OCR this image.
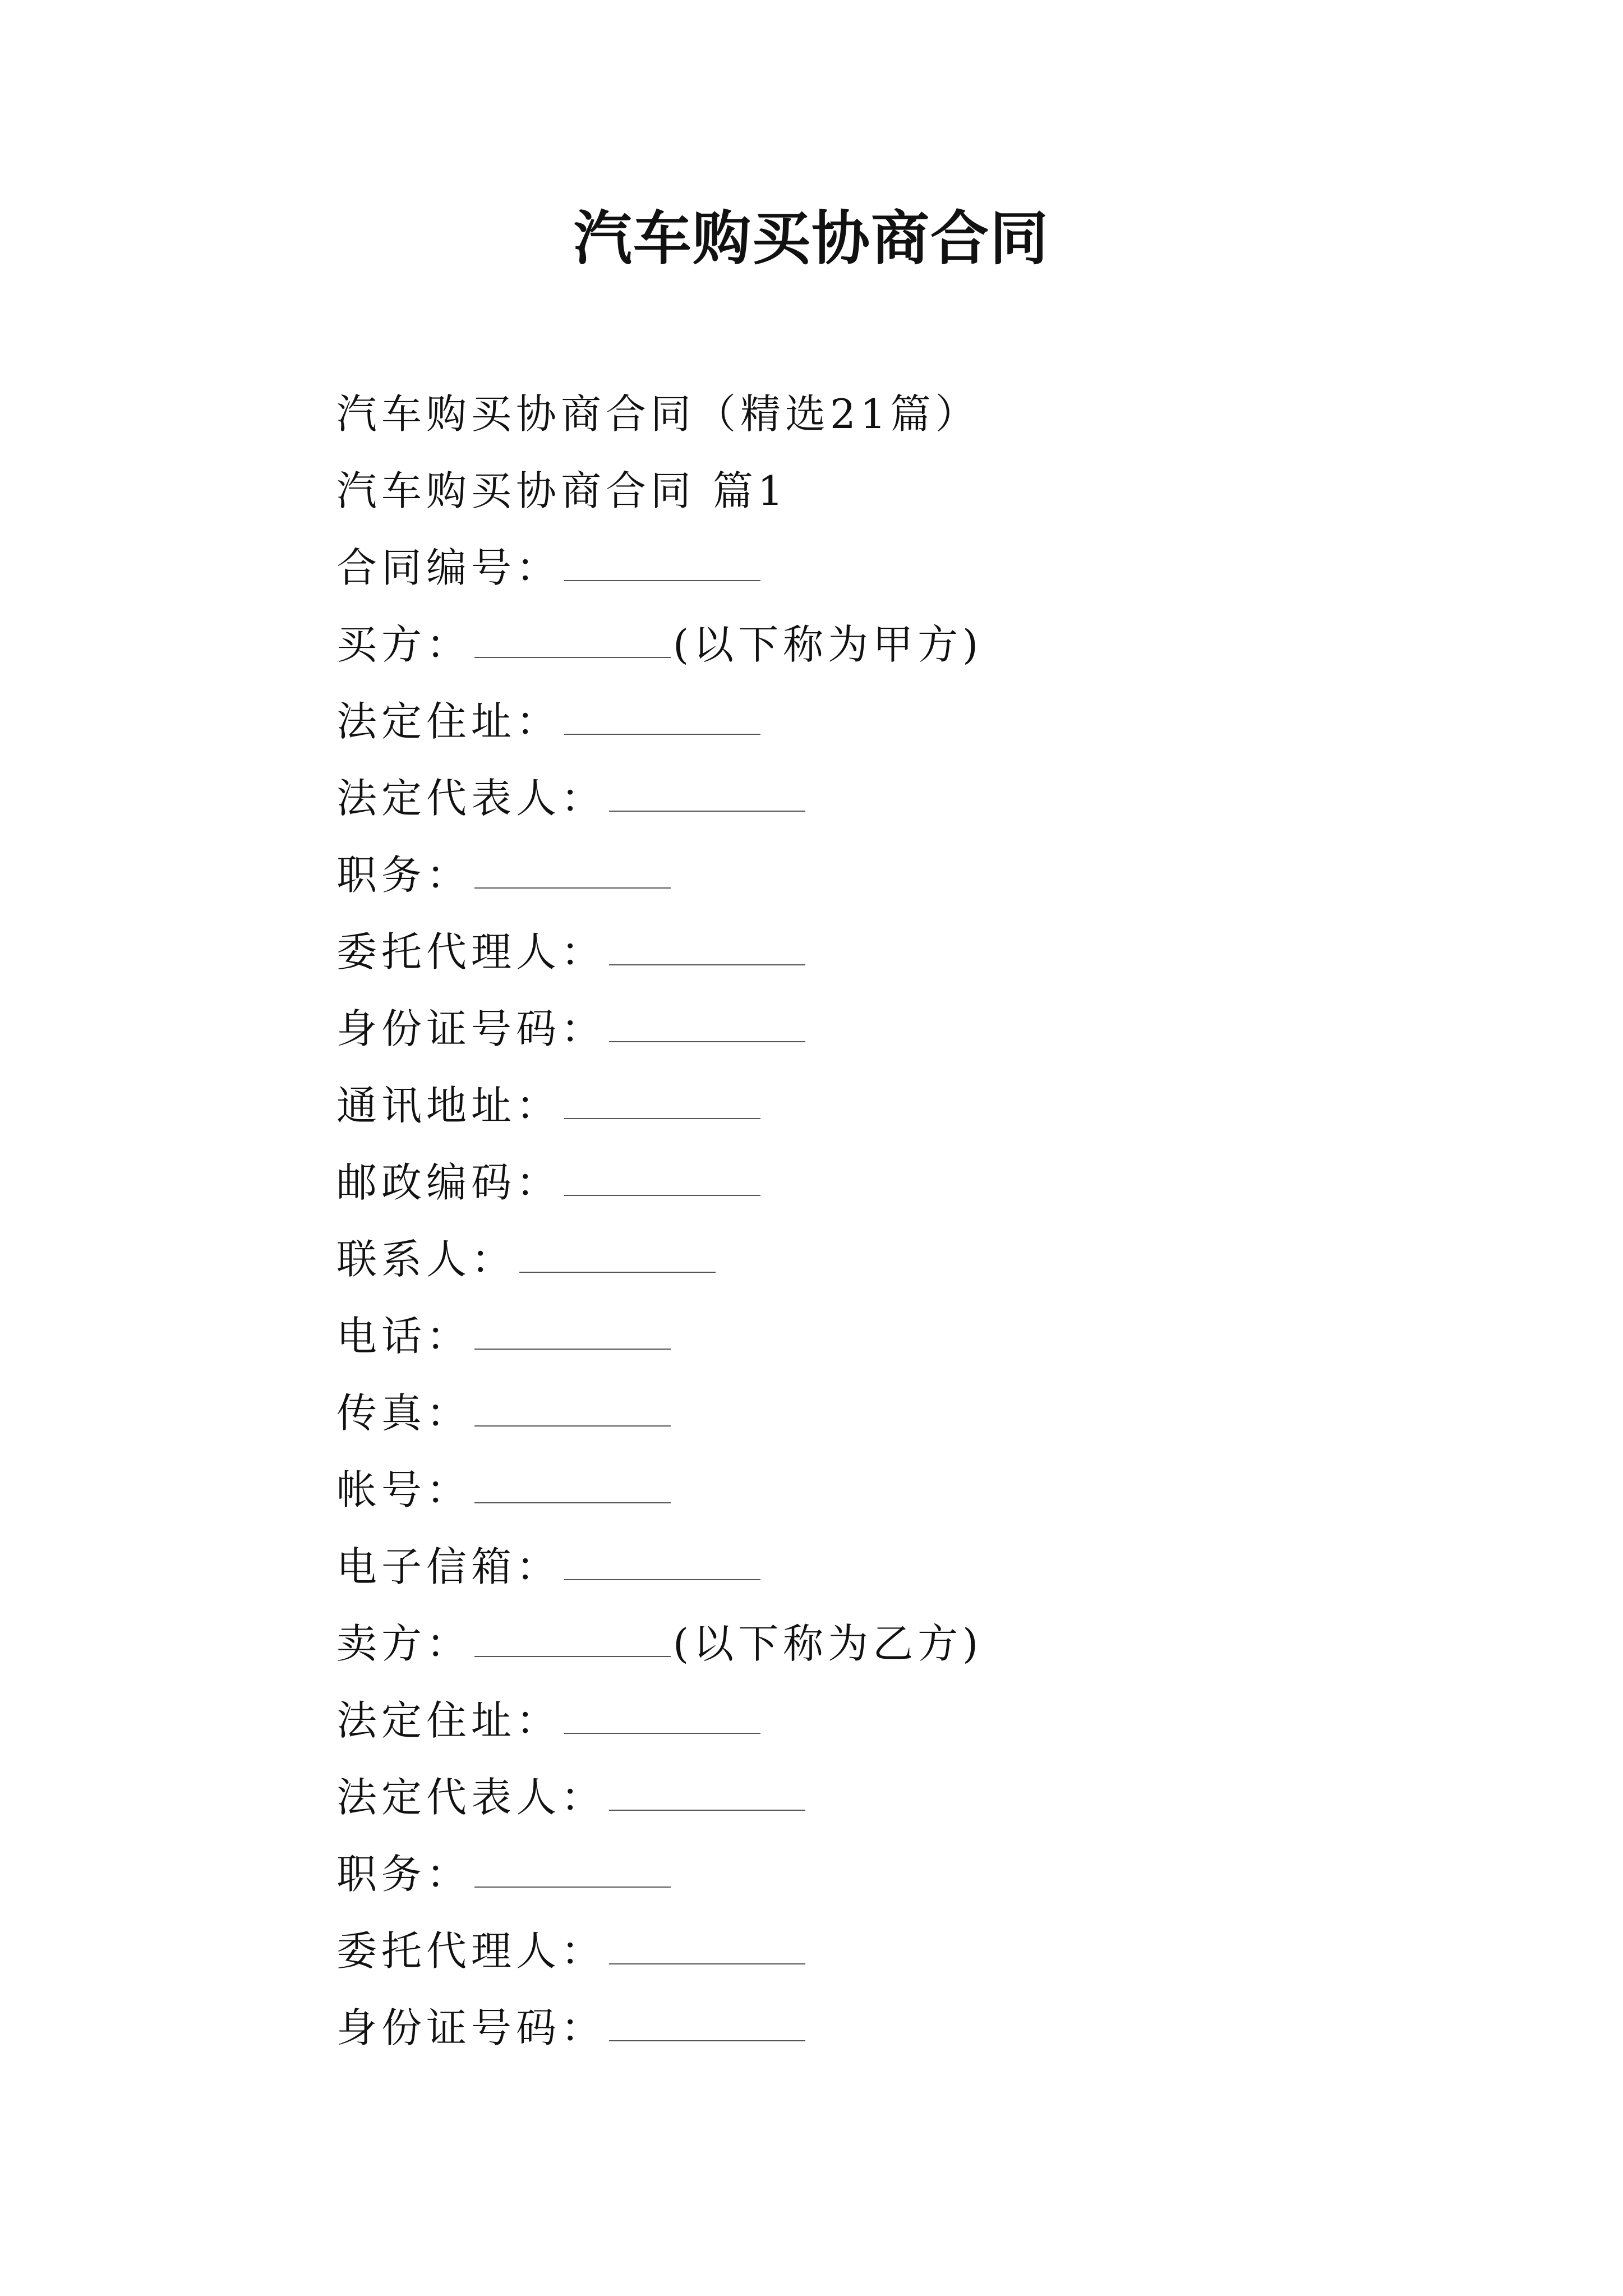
汽车购买协商合同
汽车购买协商合同（精选21篇）
汽车购买协商合同 篇1
合同编号：
买方：	(以下称为甲方)
法定住址：
法定代表人：
职务：
委托代理人：
身份证号码：
通讯地址：
邮政编码：
联系人：
电话：
传真：
帐号：
电子信箱：
卖方：	(以下称为乙方)
法定住址：
法定代表人：
职务：
委托代理人：
身份证号码：
